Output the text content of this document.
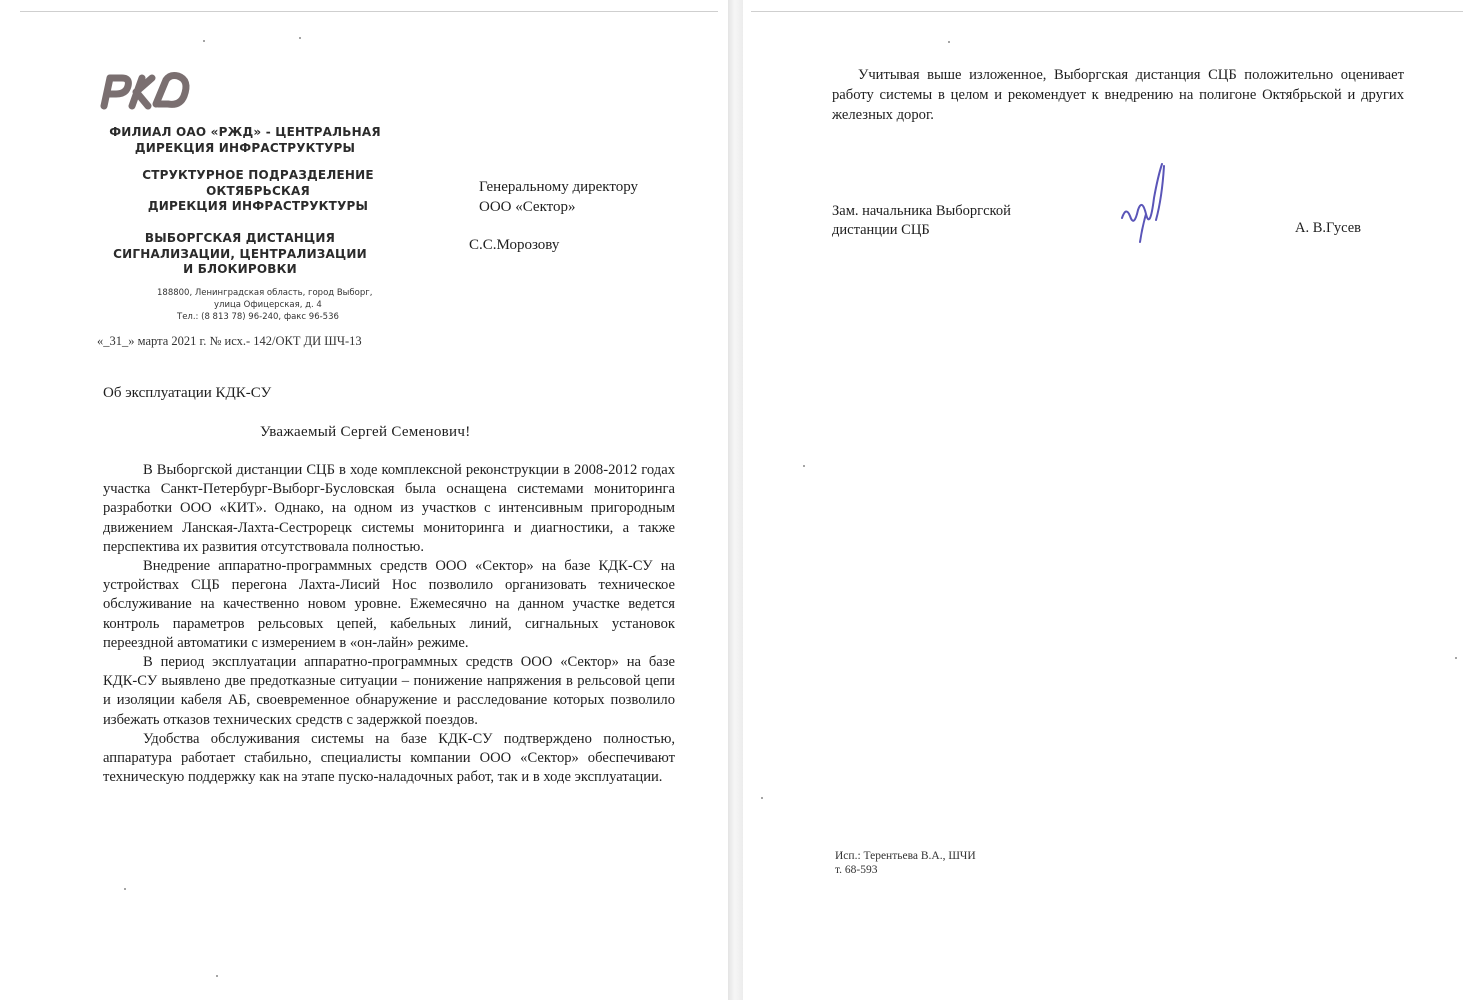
ФИЛИАЛ ОАО «РЖД» - ЦЕНТРАЛЬНАЯ
ДИРЕКЦИЯ ИНФРАСТРУКТУРЫ
СТРУКТУРНОЕ ПОДРАЗДЕЛЕНИЕ
ОКТЯБРЬСКАЯ
ДИРЕКЦИЯ ИНФРАСТРУКТУРЫ
ВЫБОРГСКАЯ ДИСТАНЦИЯ
СИГНАЛИЗАЦИИ, ЦЕНТРАЛИЗАЦИИ
И БЛОКИРОВКИ
188800, Ленинградская область, город Выборг,
улица Офицерская, д. 4
Тел.: (8 813 78) 96-240, факс 96-536
Генеральному директору
ООО «Сектор»
С.С.Морозову
«_31_» марта 2021 г. № исх.- 142/ОКТ ДИ ШЧ-13
Об эксплуатации КДК-СУ
Уважаемый Сергей Семенович!

В Выборгской дистанции СЦБ в ходе комплексной реконструкции в 2008-2012 годах участка Санкт-Петербург-Выборг-Бусловская была оснащена системами мониторинга разработки ООО «КИТ». Однако, на одном из участков с интенсивным пригородным движением Ланская-Лахта-Сестрорецк системы мониторинга и диагностики, а также перспектива их развития отсутствовала полностью.

Внедрение аппаратно-программных средств ООО «Сектор» на базе КДК-СУ на устройствах СЦБ перегона Лахта-Лисий Нос позволило организовать техническое обслуживание на качественно новом уровне. Ежемесячно на данном участке ведется контроль параметров рельсовых цепей, кабельных линий, сигнальных установок переездной автоматики с измерением в «он-лайн» режиме.

В период эксплуатации аппаратно-программных средств ООО «Сектор» на базе КДК-СУ выявлено две предотказные ситуации – понижение напряжения в рельсовой цепи и изоляции кабеля АБ, своевременное обнаружение и расследование которых позволило избежать отказов технических средств с задержкой поездов.

Удобства обслуживания системы на базе КДК-СУ подтверждено полностью, аппаратура работает стабильно, специалисты компании ООО «Сектор» обеспечивают техническую поддержку как на этапе пуско-наладочных работ, так и в ходе эксплуатации.

Учитывая выше изложенное, Выборгская дистанция СЦБ положительно оценивает работу системы в целом и рекомендует к внедрению на полигоне Октябрьской и других железных дорог.

Зам. начальника Выборгской
дистанции СЦБ	А. В.Гусев
Исп.: Терентьева В.А., ШЧИ
т. 68-593
